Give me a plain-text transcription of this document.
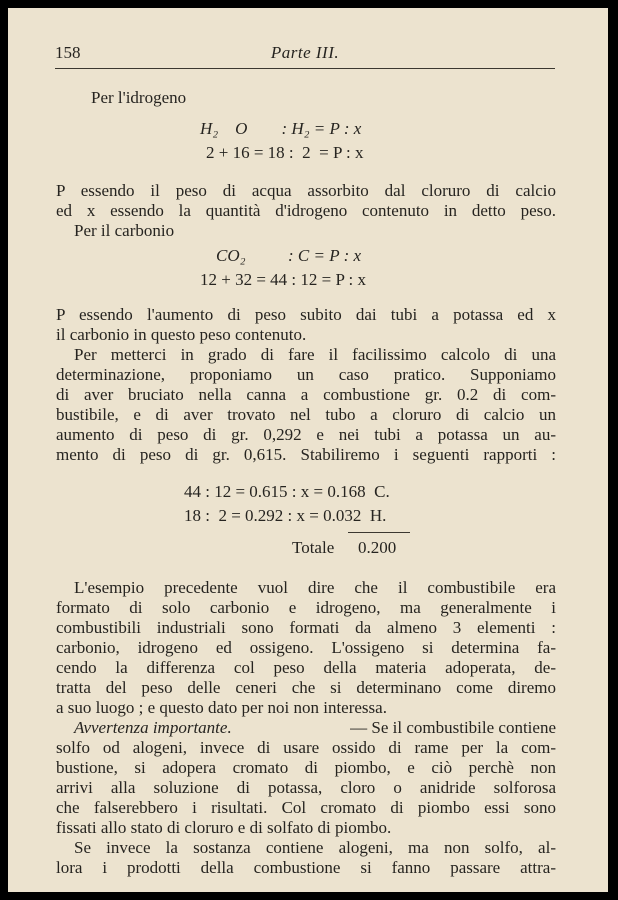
158	Parte III.
Per l'idrogeno
H₂    O        : H₂ = P : x
2 + 16 = 18 :  2  = P : x
P essendo il peso di acqua assorbito dal cloruro di calcio
ed x essendo la quantità d'idrogeno contenuto in detto peso.
Per il carbonio
CO₂          : C = P : x
12 + 32 = 44 : 12 = P : x
P essendo l'aumento di peso subito dai tubi a potassa ed x
il carbonio in questo peso contenuto.
Per metterci in grado di fare il facilissimo calcolo di una
determinazione, proponiamo un caso pratico. Supponiamo
di aver bruciato nella canna a combustione gr. 0.2 di com-
bustibile, e di aver trovato nel tubo a cloruro di calcio un
aumento di peso di gr. 0,292 e nei tubi a potassa un au-
mento di peso di gr. 0,615. Stabiliremo i seguenti rapporti :
44 : 12 = 0.615 : x = 0.168  C.
18 :  2 = 0.292 : x = 0.032  H.
Totale 0.200
L'esempio precedente vuol dire che il combustibile era
formato di solo carbonio e idrogeno, ma generalmente i
combustibili industriali sono formati da almeno 3 elementi :
carbonio, idrogeno ed ossigeno. L'ossigeno si determina fa-
cendo la differenza col peso della materia adoperata, de-
tratta del peso delle ceneri che si determinano come diremo
a suo luogo ; e questo dato per noi non interessa.
Avvertenza importante.	— Se il combustibile contiene
solfo od alogeni, invece di usare ossido di rame per la com-
bustione, si adopera cromato di piombo, e ciò perchè non
arrivi alla soluzione di potassa, cloro o anidride solforosa
che falserebbero i risultati. Col cromato di piombo essi sono
fissati allo stato di cloruro e di solfato di piombo.
Se invece la sostanza contiene alogeni, ma non solfo, al-
lora i prodotti della combustione si fanno passare attra-
